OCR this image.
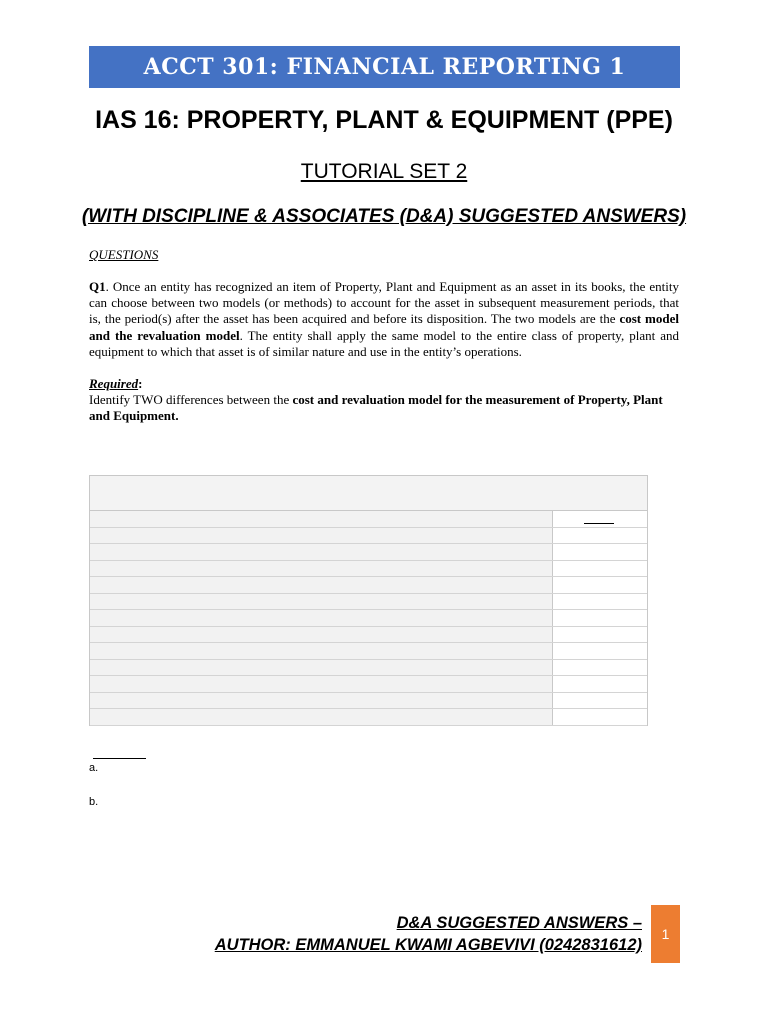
ACCT 301: FINANCIAL REPORTING 1
IAS 16: PROPERTY, PLANT & EQUIPMENT (PPE)
TUTORIAL SET 2
(WITH DISCIPLINE & ASSOCIATES (D&A) SUGGESTED ANSWERS)
QUESTIONS
Q1. Once an entity has recognized an item of Property, Plant and Equipment as an asset in its books, the entity can choose between two models (or methods) to account for the asset in subsequent measurement periods, that is, the period(s) after the asset has been acquired and before its disposition. The two models are the cost model and the revaluation model. The entity shall apply the same model to the entire class of property, plant and equipment to which that asset is of similar nature and use in the entity’s operations.
Required:
Identify TWO differences between the cost and revaluation model for the measurement of Property, Plant and Equipment.
a.
b.
D&A SUGGESTED ANSWERS –
AUTHOR: EMMANUEL KWAMI AGBEVIVI (0242831612)
1
